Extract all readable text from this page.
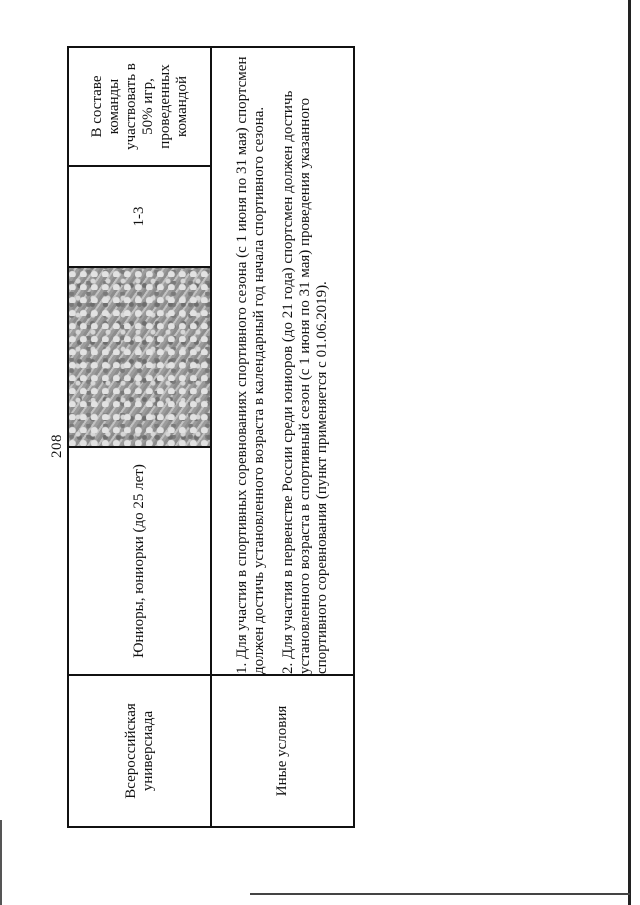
208
Всероссийская универсиада	Юниоры, юниорки (до 25 лет)		1-3	В составе команды участвовать в 50% игр, проведенных командой
Иные условия	1. Для участия в спортивных соревнованиях спортивного сезона (с 1 июня по 31 мая) спортсмен должен достичь установленного возраста в календарный год начала спортивного сезона. 2. Для участия в первенстве России среди юниоров (до 21 года) спортсмен должен достичь установленного возраста в спортивный сезон (с 1 июня по 31 мая) проведения указанного спортивного соревнования (пункт применяется с 01.06.2019).			
